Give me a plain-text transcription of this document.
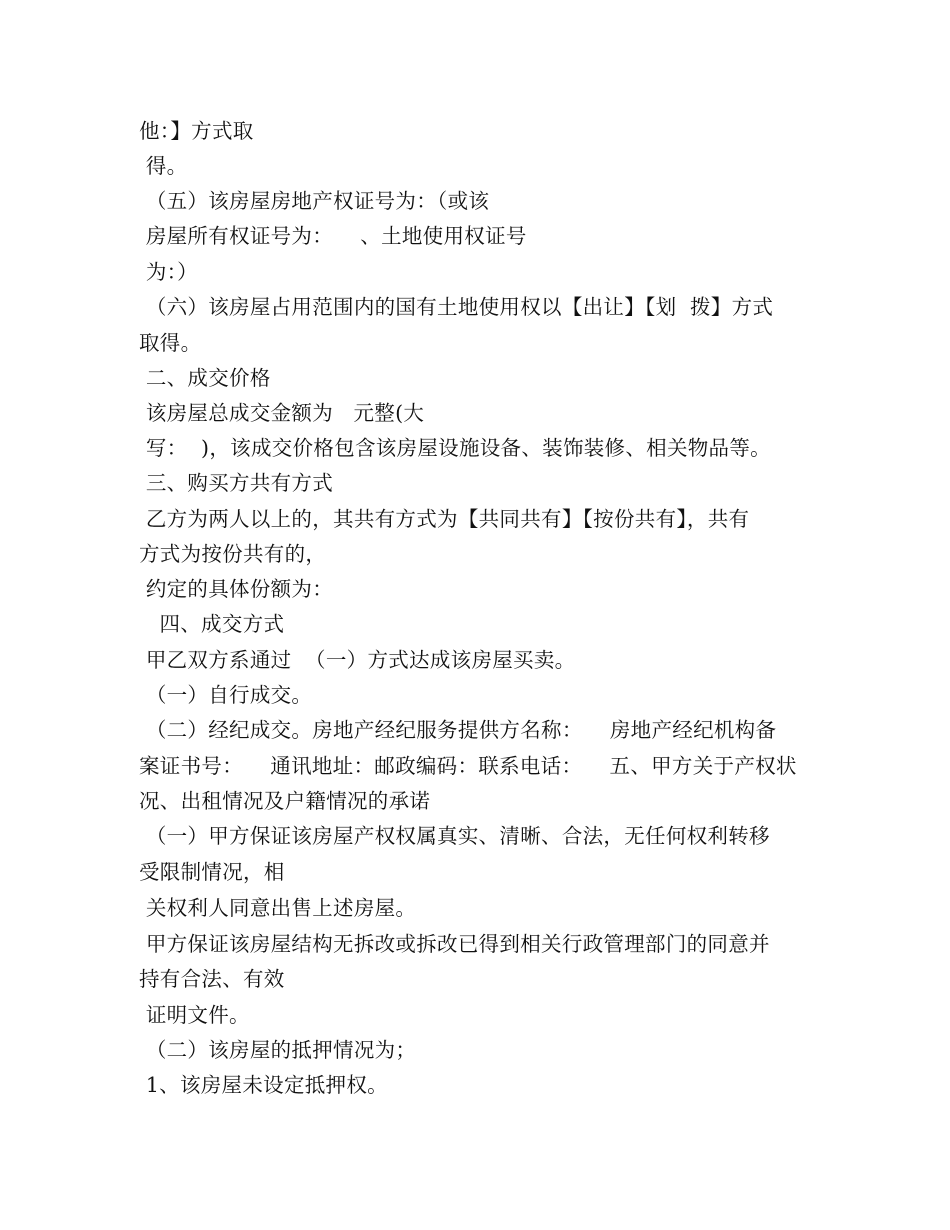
他：】方式取
得。
（五）该房屋房地产权证号为：（或该
房屋所有权证号为：    、土地使用权证号
为：）
（六）该房屋占用范围内的国有土地使用权以【出让】【划  拨】方式
取得。
二、成交价格
该房屋总成交金额为   元整(大
写：  )，该成交价格包含该房屋设施设备、装饰装修、相关物品等。
三、购买方共有方式
乙方为两人以上的，其共有方式为【共同共有】【按份共有】，共有
方式为按份共有的，
约定的具体份额为：
四、成交方式
甲乙双方系通过  （一）方式达成该房屋买卖。
（一）自行成交。
（二）经纪成交。房地产经纪服务提供方名称：    房地产经纪机构备
案证书号：    通讯地址：邮政编码：联系电话：    五、甲方关于产权状
况、出租情况及户籍情况的承诺
（一）甲方保证该房屋产权权属真实、清晰、合法，无任何权利转移
受限制情况，相
关权利人同意出售上述房屋。
甲方保证该房屋结构无拆改或拆改已得到相关行政管理部门的同意并
持有合法、有效
证明文件。
（二）该房屋的抵押情况为；
1、该房屋未设定抵押权。
